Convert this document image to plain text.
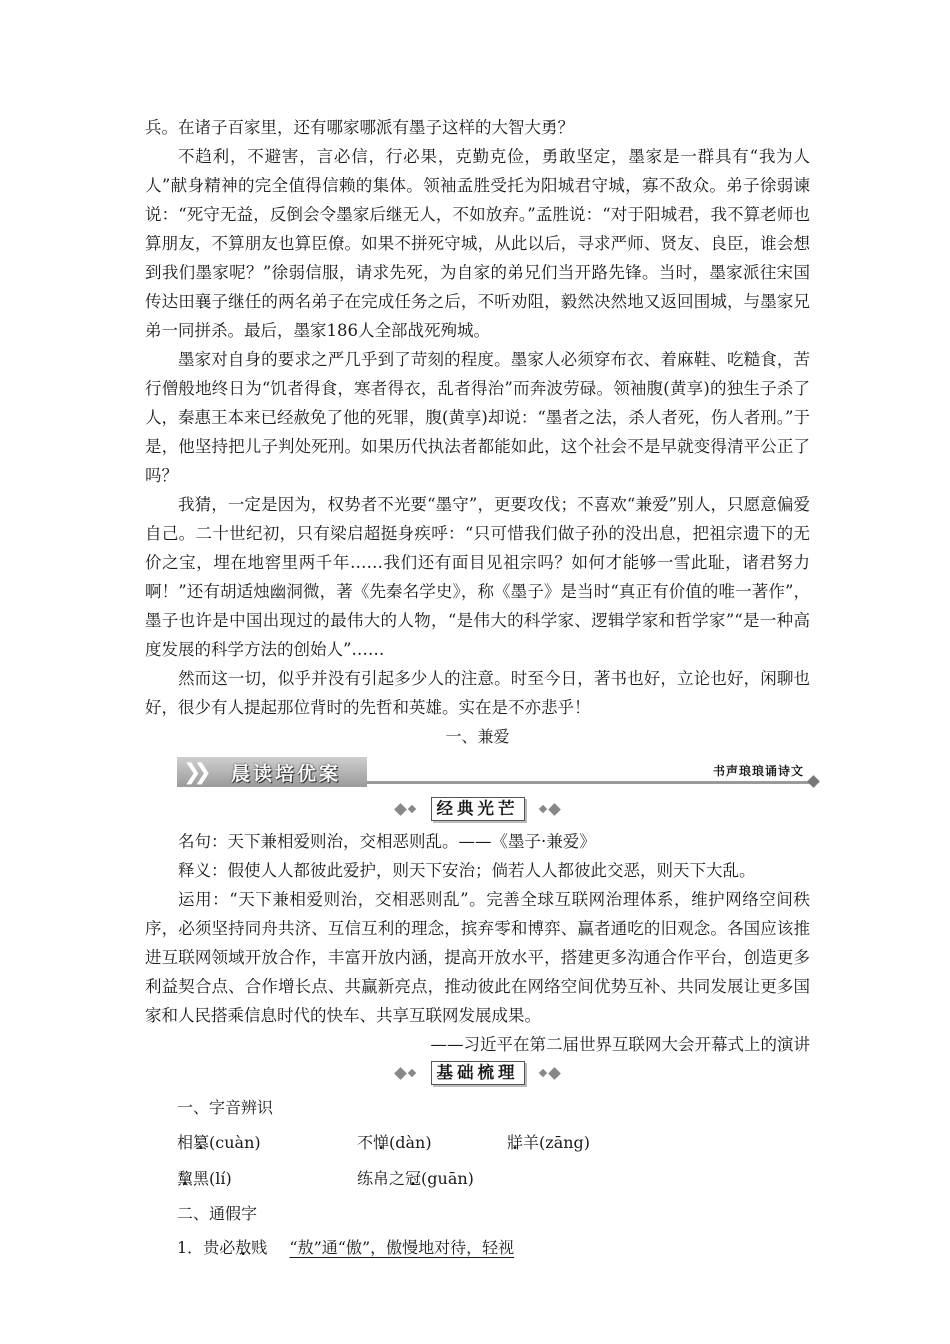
兵。在诸子百家里，还有哪家哪派有墨子这样的大智大勇？

不趋利，不避害，言必信，行必果，克勤克俭，勇敢坚定，墨家是一群具有“我为人人”献身精神的完全值得信赖的集体。领袖孟胜受托为阳城君守城，寡不敌众。弟子徐弱谏说：“死守无益，反倒会令墨家后继无人，不如放弃。”孟胜说：“对于阳城君，我不算老师也算朋友，不算朋友也算臣僚。如果不拼死守城，从此以后，寻求严师、贤友、良臣，谁会想到我们墨家呢？”徐弱信服，请求先死，为自家的弟兄们当开路先锋。当时，墨家派往宋国传达田襄子继任的两名弟子在完成任务之后，不听劝阻，毅然决然地又返回围城，与墨家兄弟一同拼杀。最后，墨家186人全部战死殉城。

墨家对自身的要求之严几乎到了苛刻的程度。墨家人必须穿布衣、着麻鞋、吃糙食，苦行僧般地终日为“饥者得食，寒者得衣，乱者得治”而奔波劳碌。领袖腹(黄享)的独生子杀了人，秦惠王本来已经赦免了他的死罪，腹(黄享)却说：“墨者之法，杀人者死，伤人者刑。”于是，他坚持把儿子判处死刑。如果历代执法者都能如此，这个社会不是早就变得清平公正了吗？

我猜，一定是因为，权势者不光要“墨守”，更要攻伐；不喜欢“兼爱”别人，只愿意偏爱自己。二十世纪初，只有梁启超挺身疾呼：“只可惜我们做子孙的没出息，把祖宗遗下的无价之宝，埋在地窖里两千年……我们还有面目见祖宗吗？如何才能够一雪此耻，诸君努力啊！”还有胡适烛幽洞微，著《先秦名学史》，称《墨子》是当时“真正有价值的唯一著作”，墨子也许是中国出现过的最伟大的人物，“是伟大的科学家、逻辑学家和哲学家”“是一种高度发展的科学方法的创始人”……

然而这一切，似乎并没有引起多少人的注意。时至今日，著书也好，立论也好，闲聊也好，很少有人提起那位背时的先哲和英雄。实在是不亦悲乎！

一、兼爱
❯❯ 晨读培优案	书声琅琅诵诗文
经典光芒

名句：天下兼相爱则治，交相恶则乱。——《墨子·兼爱》

释义：假使人人都彼此爱护，则天下安治；倘若人人都彼此交恶，则天下大乱。

运用：“天下兼相爱则治，交相恶则乱”。完善全球互联网治理体系，维护网络空间秩序，必须坚持同舟共济、互信互利的理念，摈弃零和博弈、赢者通吃的旧观念。各国应该推进互联网领域开放合作，丰富开放内涵，提高开放水平，搭建更多沟通合作平台，创造更多利益契合点、合作增长点、共赢新亮点，推动彼此在网络空间优势互补、共同发展让更多国家和人民搭乘信息时代的快车、共享互联网发展成果。

——习近平在第二届世界互联网大会开幕式上的演讲

基础梳理

一、字音辨识

相篡(cuàn)	不惮(dàn)	牂羊(zāng)
黧黑(lí)	练帛之冠(guān)

二、通假字

1．贵必敖贱 “敖”通“傲”，傲慢地对待，轻视
